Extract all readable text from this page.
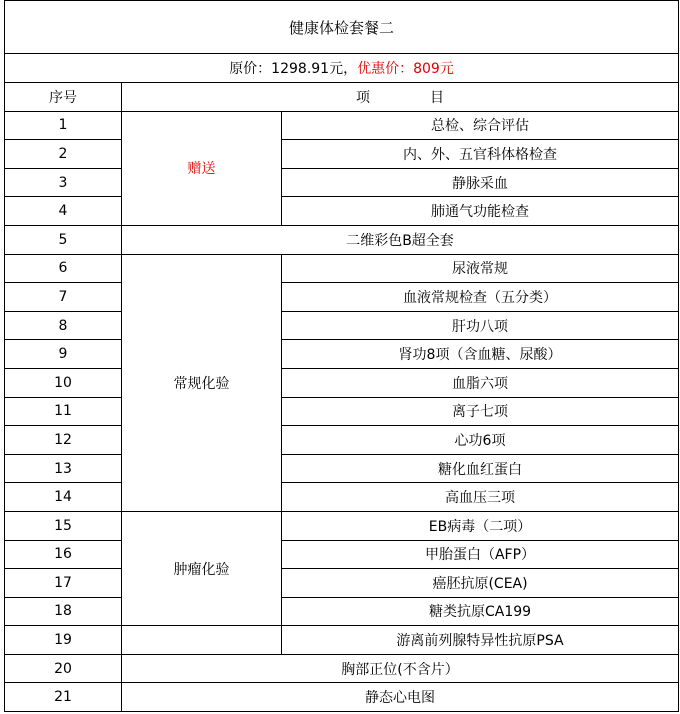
健康体检套餐二		
原价：1298.91元，优惠价：809元		
序号	项 目	
1	赠送	总检、综合评估
2		内、外、五官科体格检查
3		静脉采血
4		肺通气功能检查
5	二维彩色B超全套	
6	常规化验	尿液常规
7		血液常规检查（五分类）
8		肝功八项
9		肾功8项（含血糖、尿酸）
10		血脂六项
11		离子七项
12		心功6项
13		糖化血红蛋白
14		高血压三项
15	肿瘤化验	EB病毒（二项）
16		甲胎蛋白（AFP）
17		癌胚抗原(CEA)
18		糖类抗原CA199
19		游离前列腺特异性抗原PSA
20	胸部正位(不含片）	
21	静态心电图	
